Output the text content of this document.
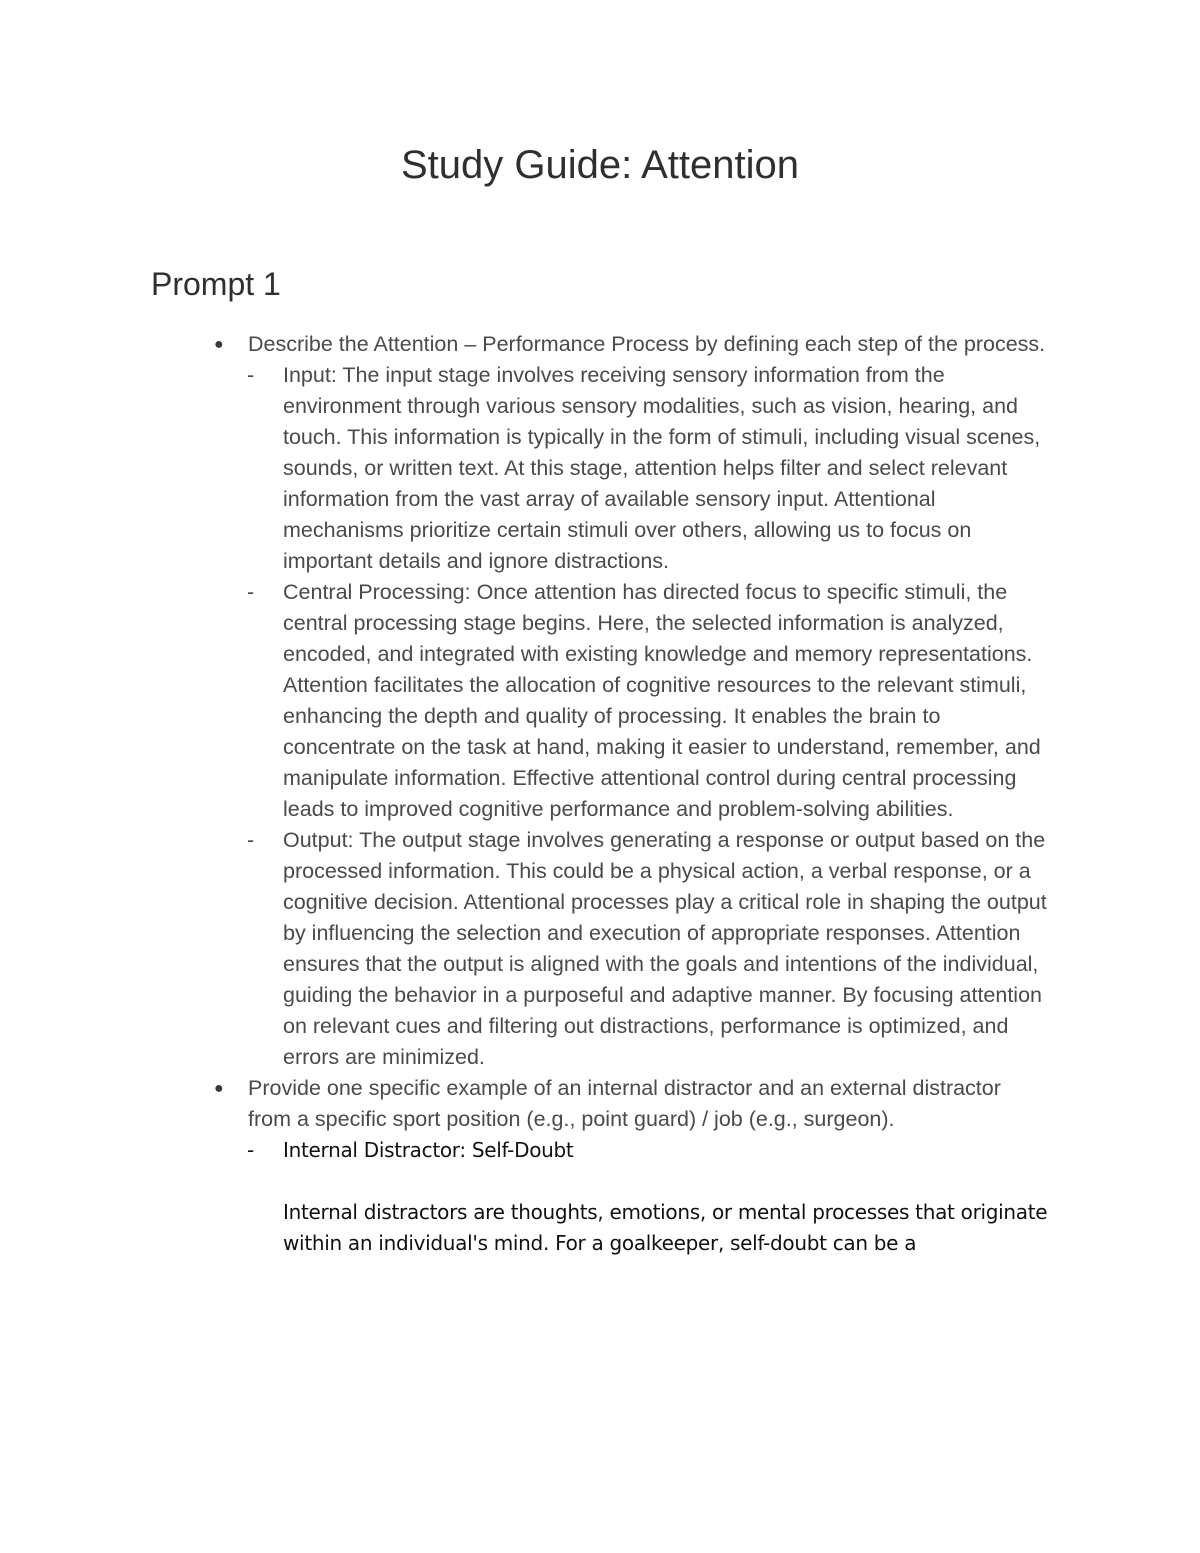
Study Guide: Attention
Prompt 1
●	Describe the Attention – Performance Process by defining each step of the process.
-	Input: The input stage involves receiving sensory information from the environment through various sensory modalities, such as vision, hearing, and touch. This information is typically in the form of stimuli, including visual scenes, sounds, or written text. At this stage, attention helps filter and select relevant information from the vast array of available sensory input. Attentional mechanisms prioritize certain stimuli over others, allowing us to focus on important details and ignore distractions.
-	Central Processing: Once attention has directed focus to specific stimuli, the central processing stage begins. Here, the selected information is analyzed, encoded, and integrated with existing knowledge and memory representations. Attention facilitates the allocation of cognitive resources to the relevant stimuli, enhancing the depth and quality of processing. It enables the brain to concentrate on the task at hand, making it easier to understand, remember, and manipulate information. Effective attentional control during central processing leads to improved cognitive performance and problem-solving abilities.
-	Output: The output stage involves generating a response or output based on the processed information. This could be a physical action, a verbal response, or a cognitive decision. Attentional processes play a critical role in shaping the output by influencing the selection and execution of appropriate responses. Attention ensures that the output is aligned with the goals and intentions of the individual, guiding the behavior in a purposeful and adaptive manner. By focusing attention on relevant cues and filtering out distractions, performance is optimized, and errors are minimized.
●	Provide one specific example of an internal distractor and an external distractor from a specific sport position (e.g., point guard) / job (e.g., surgeon).
-	Internal Distractor: Self-Doubt
Internal distractors are thoughts, emotions, or mental processes that originate within an individual's mind. For a goalkeeper, self-doubt can be a
